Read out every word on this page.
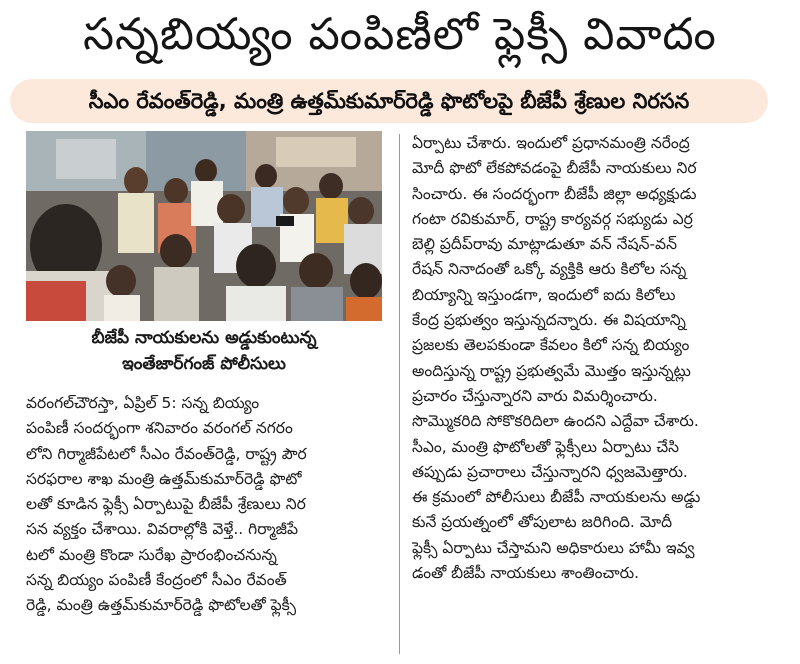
సన్నబియ్యం పంపిణీలో ఫ్లెక్సీ వివాదం
సీఎం రేవంత్‌రెడ్డి, మంత్రి ఉత్తమ్‌కుమార్‌రెడ్డి ఫొటోలపై బీజేపీ శ్రేణుల నిరసన
బీజేపీ నాయకులను అడ్డుకుంటున్న
ఇంతేజార్‌గంజ్ పోలీసులు
వరంగల్‌చౌరస్తా, ఏప్రిల్ 5: సన్న బియ్యం
పంపిణీ సందర్భంగా శనివారం వరంగల్ నగరం
లోని గిర్మాజీపేటలో సీఎం రేవంత్‌రెడ్డి, రాష్ట్ర పౌర
సరఫరాల శాఖ మంత్రి ఉత్తమ్‌కుమార్‌రెడ్డి ఫొటో
లతో కూడిన ఫ్లెక్సీ ఏర్పాటుపై బీజేపీ శ్రేణులు నిర
సన వ్యక్తం చేశాయి. వివరాల్లోకి వెళ్తే.. గిర్మాజీపే
టలో మంత్రి కొండా సురేఖ ప్రారంభించనున్న
సన్న బియ్యం పంపిణీ కేంద్రంలో సీఎం రేవంత్
రెడ్డి, మంత్రి ఉత్తమ్‌కుమార్‌రెడ్డి ఫొటోలతో ఫ్లెక్సీ
ఏర్పాటు చేశారు. ఇందులో ప్రధానమంత్రి నరేంద్ర
మోదీ ఫొటో లేకపోవడంపై బీజేపీ నాయకులు నిర
సించారు. ఈ సందర్భంగా బీజేపీ జిల్లా అధ్యక్షుడు
గంటా రవికుమార్, రాష్ట్ర కార్యవర్గ సభ్యుడు ఎర్ర
బెల్లి ప్రదీప్‌రావు మాట్లాడుతూ వన్ నేషన్-వన్
రేషన్ నినాదంతో ఒక్కో వ్యక్తికి ఆరు కిలోల సన్న
బియ్యాన్ని ఇస్తుండగా, ఇందులో ఐదు కిలోలు
కేంద్ర ప్రభుత్వం ఇస్తున్నదన్నారు. ఈ విషయాన్ని
ప్రజలకు తెలపకుండా కేవలం కిలో సన్న బియ్యం
అందిస్తున్న రాష్ట్ర ప్రభుత్వమే మొత్తం ఇస్తున్నట్లు
ప్రచారం చేస్తున్నారని వారు విమర్శించారు.
సొమ్మొకరిది సోకొకరిదిలా ఉందని ఎద్దేవా చేశారు.
సీఎం, మంత్రి ఫొటోలతో ఫ్లెక్సీలు ఏర్పాటు చేసి
తప్పుడు ప్రచారాలు చేస్తున్నారని ధ్వజమెత్తారు.
ఈ క్రమంలో పోలీసులు బీజేపీ నాయకులను అడ్డు
కునే ప్రయత్నంలో తోపులాట జరిగింది. మోదీ
ఫ్లెక్సీ ఏర్పాటు చేస్తామని అధికారులు హామీ ఇవ్వ
డంతో బీజేపీ నాయకులు శాంతించారు.
